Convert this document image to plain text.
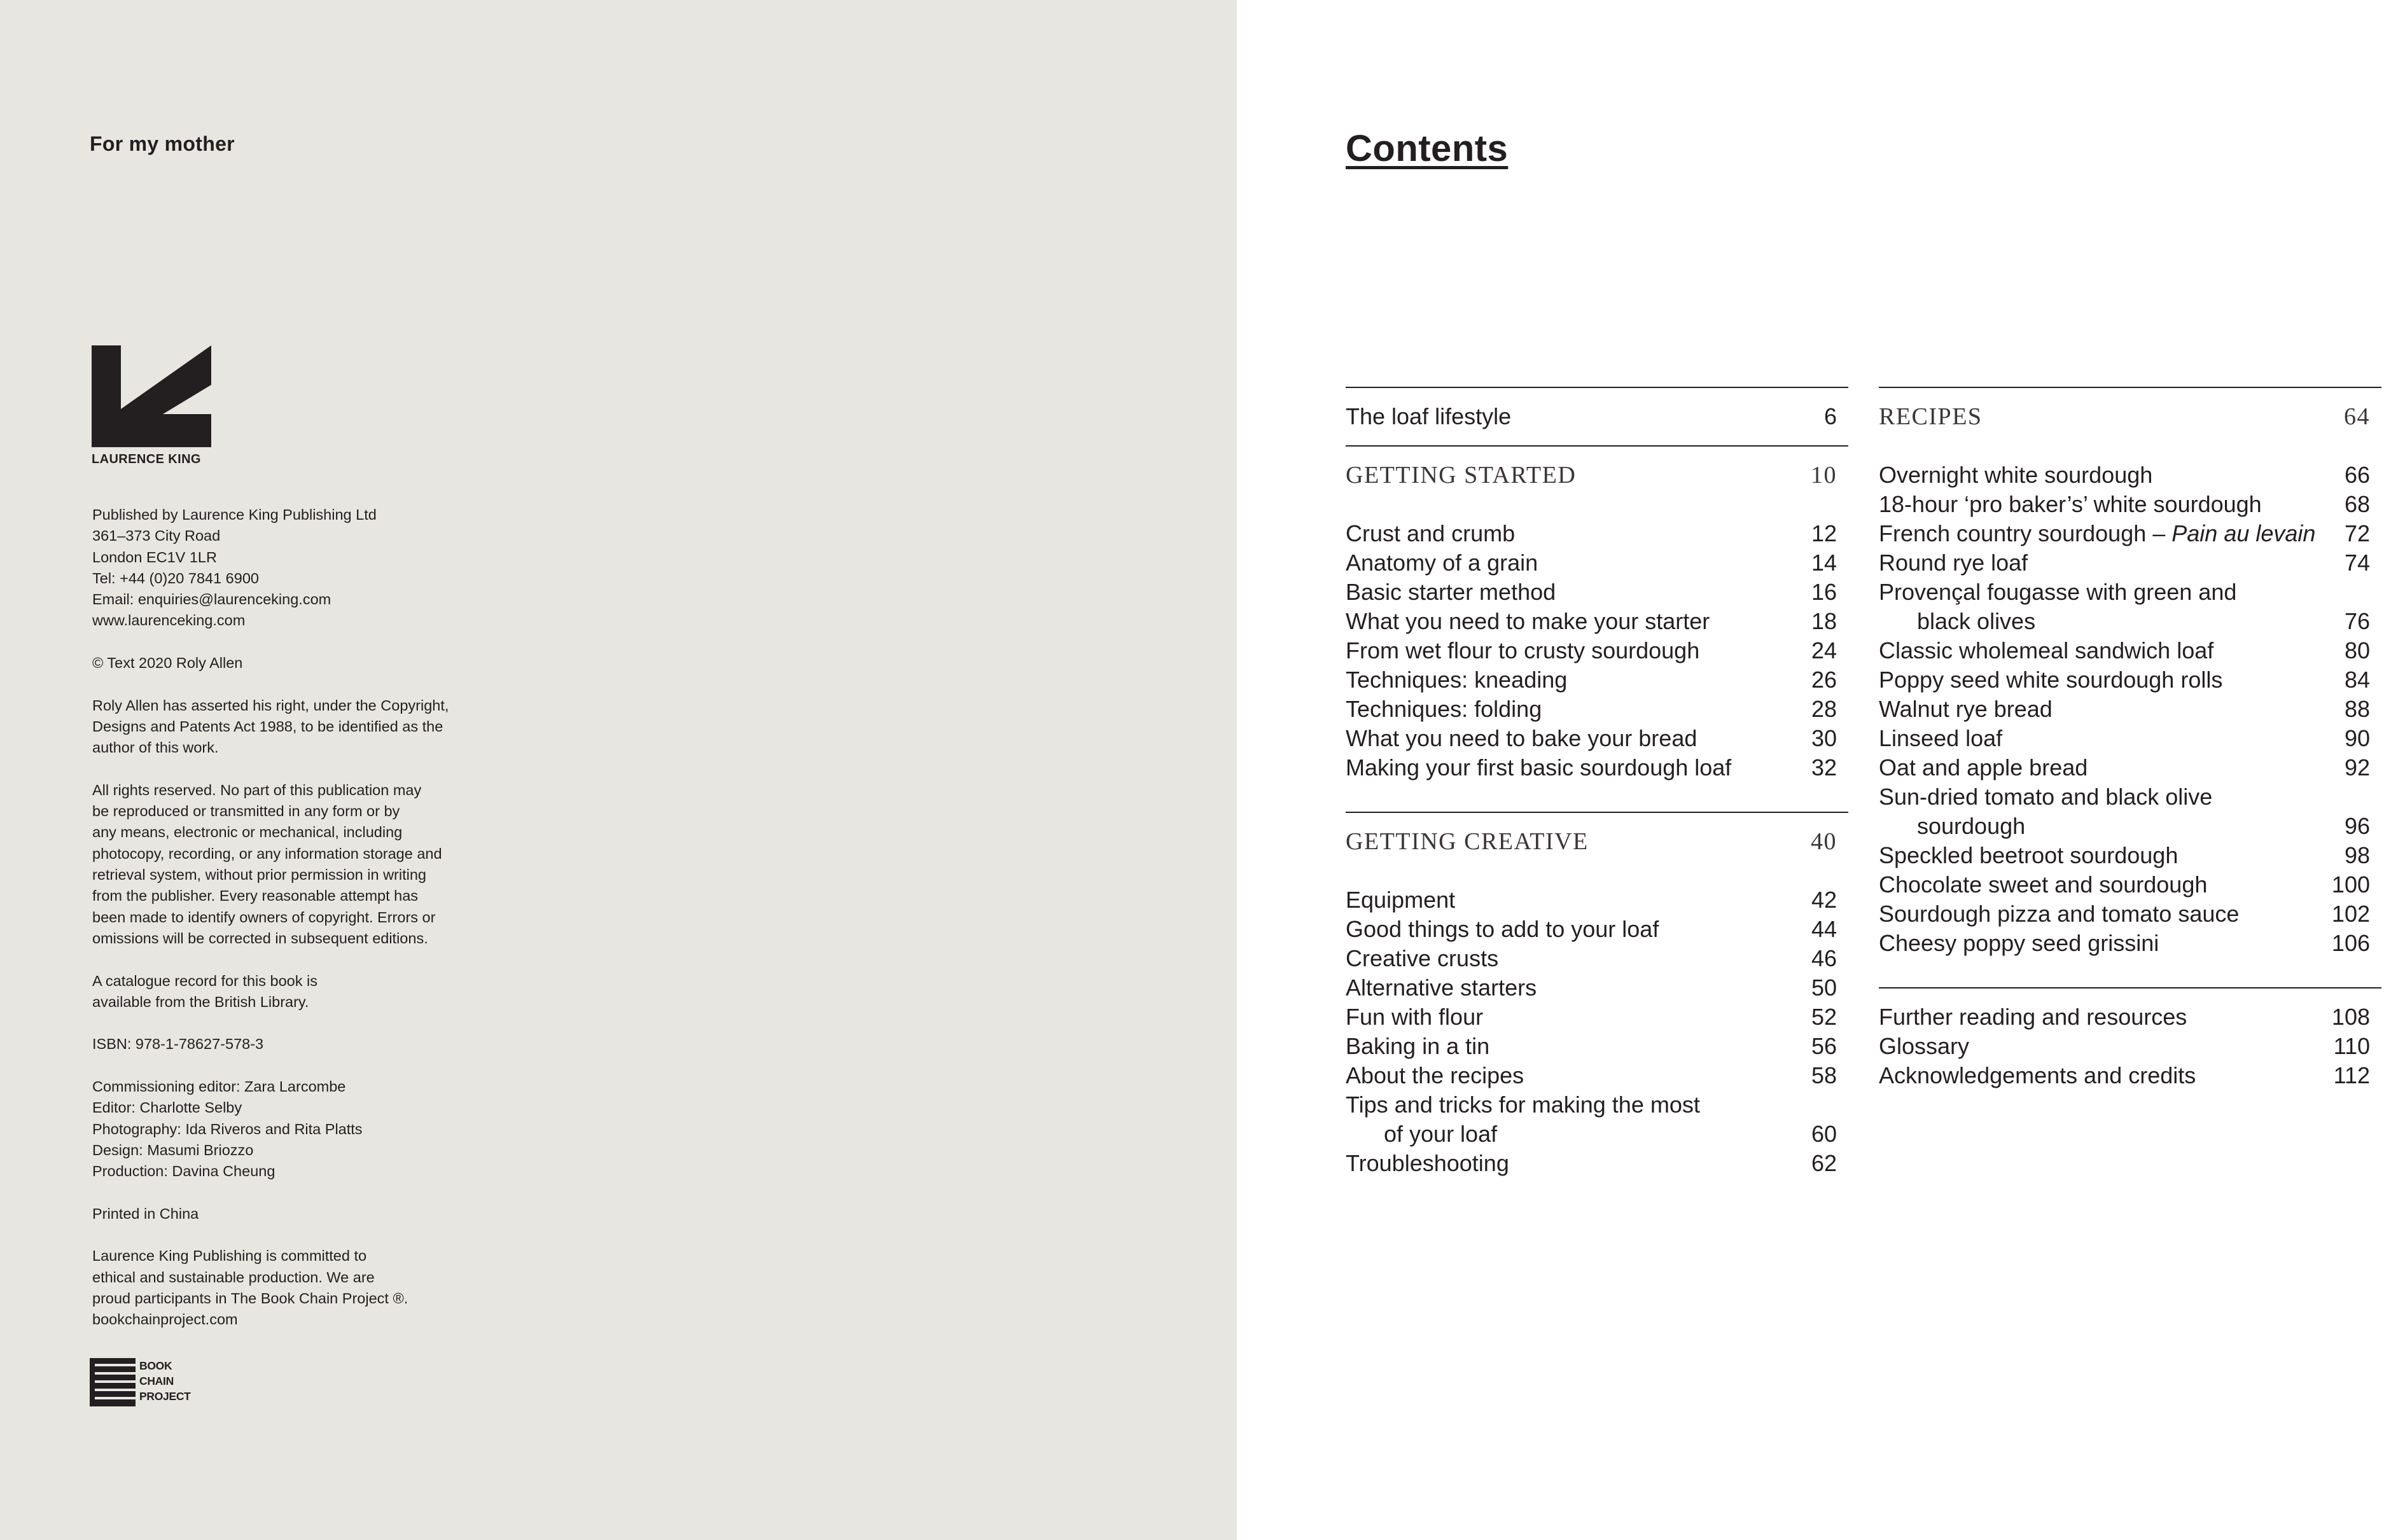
For my mother
LAURENCE KING
Published by Laurence King Publishing Ltd
361–373 City Road
London EC1V 1LR
Tel: +44 (0)20 7841 6900
Email: enquiries@laurenceking.com
www.laurenceking.com
© Text 2020 Roly Allen
Roly Allen has asserted his right, under the Copyright,
Designs and Patents Act 1988, to be identified as the
author of this work.
All rights reserved. No part of this publication may
be reproduced or transmitted in any form or by
any means, electronic or mechanical, including
photocopy, recording, or any information storage and
retrieval system, without prior permission in writing
from the publisher. Every reasonable attempt has
been made to identify owners of copyright. Errors or
omissions will be corrected in subsequent editions.
A catalogue record for this book is
available from the British Library.
ISBN: 978-1-78627-578-3
Commissioning editor: Zara Larcombe
Editor: Charlotte Selby
Photography: Ida Riveros and Rita Platts
Design: Masumi Briozzo
Production: Davina Cheung
Printed in China
Laurence King Publishing is committed to
ethical and sustainable production. We are
proud participants in The Book Chain Project ®.
bookchainproject.com
BOOK
CHAIN
PROJECT
Contents
The loaf lifestyle	6
GETTING STARTED	10
Crust and crumb	12
Anatomy of a grain	14
Basic starter method	16
What you need to make your starter	18
From wet flour to crusty sourdough	24
Techniques: kneading	26
Techniques: folding	28
What you need to bake your bread	30
Making your first basic sourdough loaf	32
GETTING CREATIVE	40
Equipment	42
Good things to add to your loaf	44
Creative crusts	46
Alternative starters	50
Fun with flour	52
Baking in a tin	56
About the recipes	58
Tips and tricks for making the most
of your loaf	60
Troubleshooting	62
RECIPES	64
Overnight white sourdough	66
18-hour ‘pro baker’s’ white sourdough	68
French country sourdough – Pain au levain 72
Round rye loaf	74
Provençal fougasse with green and
black olives	76
Classic wholemeal sandwich loaf	80
Poppy seed white sourdough rolls	84
Walnut rye bread	88
Linseed loaf	90
Oat and apple bread	92
Sun-dried tomato and black olive
sourdough	96
Speckled beetroot sourdough	98
Chocolate sweet and sourdough	100
Sourdough pizza and tomato sauce	102
Cheesy poppy seed grissini	106
Further reading and resources	108
Glossary	110
Acknowledgements and credits	112
